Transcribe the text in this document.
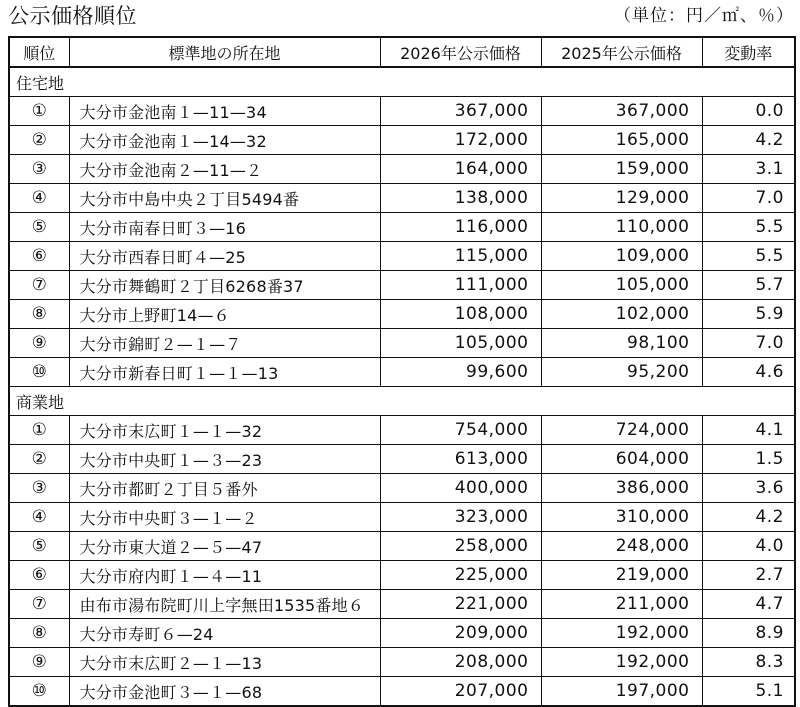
公示価格順位	（単位：円／㎡、％）
順位	標準地の所在地	2026年公示価格	2025年公示価格	変動率
住宅地				
①	大分市金池南１—11—34	367,000	367,000	0.0
②	大分市金池南１—14—32	172,000	165,000	4.2
③	大分市金池南２—11—２	164,000	159,000	3.1
④	大分市中島中央２丁目5494番	138,000	129,000	7.0
⑤	大分市南春日町３—16	116,000	110,000	5.5
⑥	大分市西春日町４—25	115,000	109,000	5.5
⑦	大分市舞鶴町２丁目6268番37	111,000	105,000	5.7
⑧	大分市上野町14—６	108,000	102,000	5.9
⑨	大分市錦町２—１—７	105,000	98,100	7.0
⑩	大分市新春日町１—１—13	99,600	95,200	4.6
商業地				
①	大分市末広町１—１—32	754,000	724,000	4.1
②	大分市中央町１—３—23	613,000	604,000	1.5
③	大分市都町２丁目５番外	400,000	386,000	3.6
④	大分市中央町３—１—２	323,000	310,000	4.2
⑤	大分市東大道２—５—47	258,000	248,000	4.0
⑥	大分市府内町１—４—11	225,000	219,000	2.7
⑦	由布市湯布院町川上字無田1535番地６	221,000	211,000	4.7
⑧	大分市寿町６—24	209,000	192,000	8.9
⑨	大分市末広町２—１—13	208,000	192,000	8.3
⑩	大分市金池町３—１—68	207,000	197,000	5.1
